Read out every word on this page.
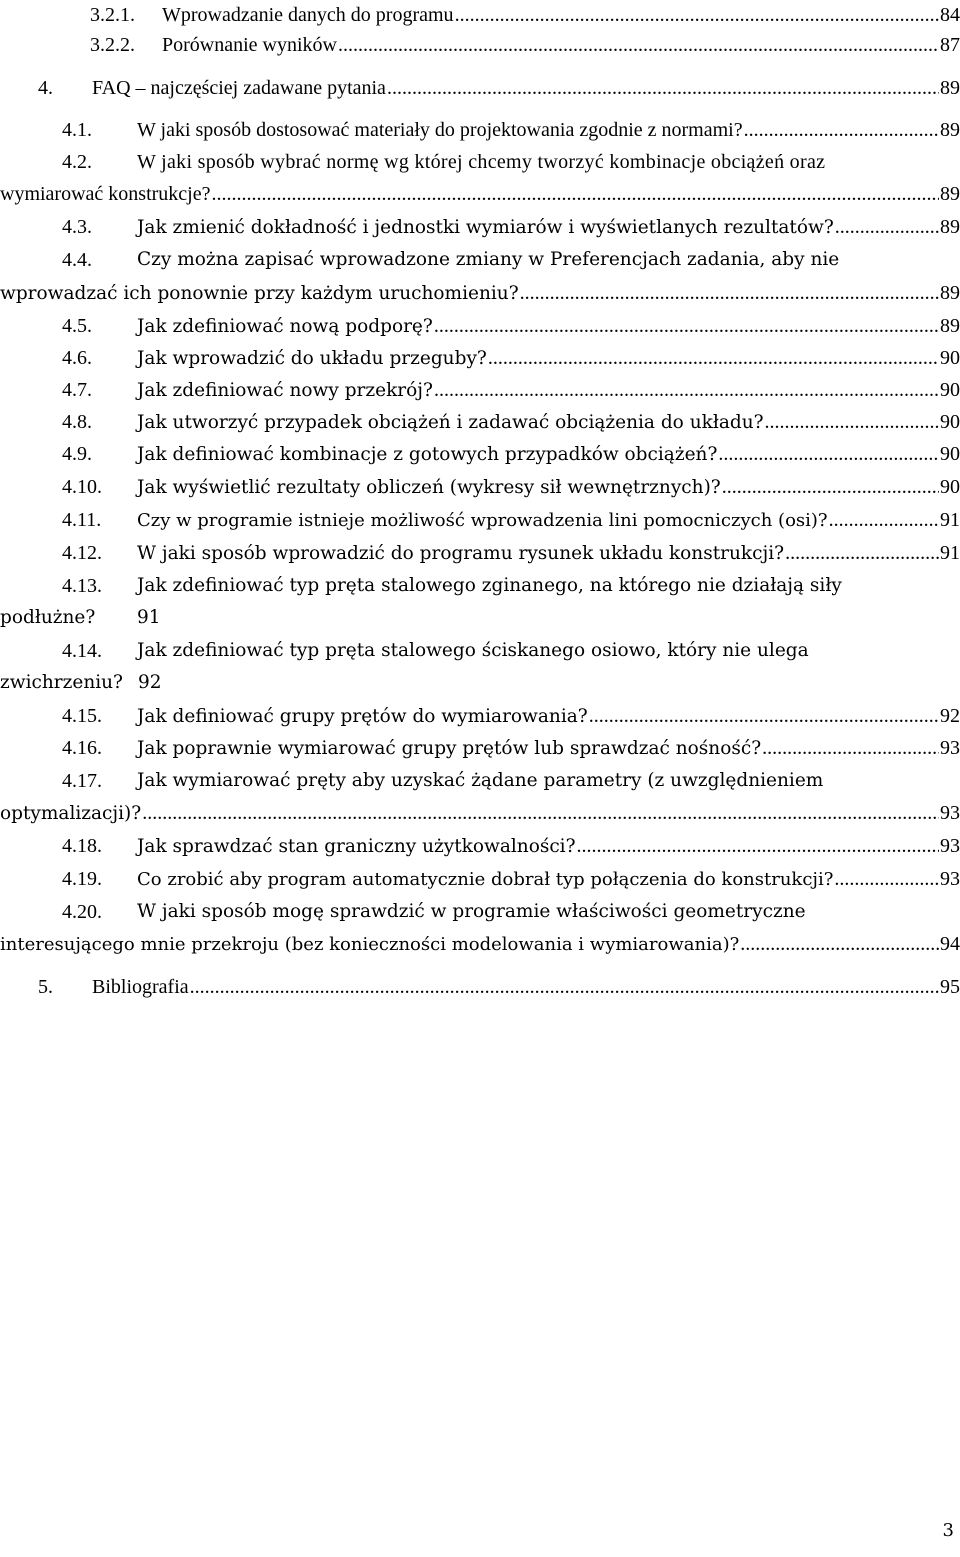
3.2.1. Wprowadzanie danych do programu .....	84
3.2.2. Porównanie wyników .....	87
4. FAQ – najczęściej zadawane pytania .....	89
4.1. W jaki sposób dostosować materiały do projektowania zgodnie z normami? .....	89
4.2. W jaki sposób wybrać normę wg której chcemy tworzyć kombinacje obciążeń oraz
wymiarować konstrukcje? .....	89
4.3. Jak zmienić dokładność i jednostki wymiarów i wyświetlanych rezultatów? .....	89
4.4. Czy można zapisać wprowadzone zmiany w Preferencjach zadania, aby nie
wprowadzać ich ponownie przy każdym uruchomieniu? .....	89
4.5. Jak zdefiniować nową podporę? .....	89
4.6. Jak wprowadzić do układu przeguby? .....	90
4.7. Jak zdefiniować nowy przekrój? .....	90
4.8. Jak utworzyć przypadek obciążeń i zadawać obciążenia do układu? .....	90
4.9. Jak definiować kombinacje z gotowych przypadków obciążeń? .....	90
4.10. Jak wyświetlić rezultaty obliczeń (wykresy sił wewnętrznych)? .....	90
4.11. Czy w programie istnieje możliwość wprowadzenia lini pomocniczych (osi)? .....	91
4.12. W jaki sposób wprowadzić do programu rysunek układu konstrukcji? .....	91
4.13. Jak zdefiniować typ pręta stalowego zginanego, na którego nie działają siły
podłużne? 91
4.14. Jak zdefiniować typ pręta stalowego ściskanego osiowo, który nie ulega
zwichrzeniu? 92
4.15. Jak definiować grupy prętów do wymiarowania? .....	92
4.16. Jak poprawnie wymiarować grupy prętów lub sprawdzać nośność? .....	93
4.17. Jak wymiarować pręty aby uzyskać żądane parametry (z uwzględnieniem
optymalizacji)? .....	93
4.18. Jak sprawdzać stan graniczny użytkowalności? .....	93
4.19. Co zrobić aby program automatycznie dobrał typ połączenia do konstrukcji? .....	93
4.20. W jaki sposób mogę sprawdzić w programie właściwości geometryczne
interesującego mnie przekroju (bez konieczności modelowania i wymiarowania)? .....	94
5. Bibliografia .....	95
3
